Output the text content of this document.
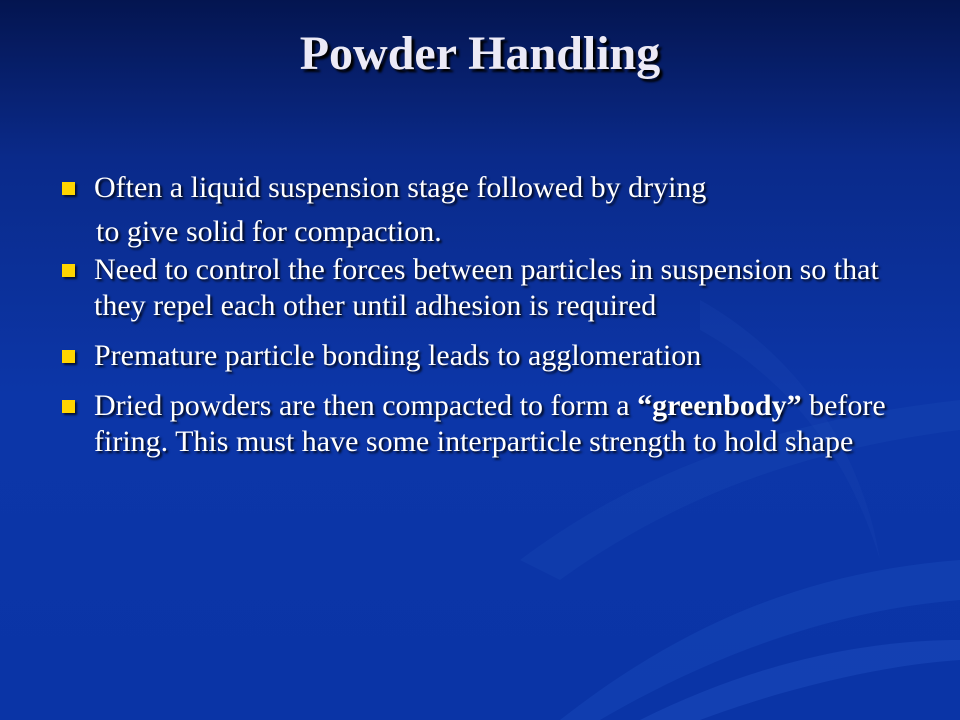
Powder Handling
Often a liquid suspension stage followed by drying
to give solid for compaction.
Need to control the forces between particles in suspension so that they repel each other until adhesion is required
Premature particle bonding leads to agglomeration
Dried powders are then compacted to form a “greenbody” before firing. This must have some interparticle strength to hold shape
